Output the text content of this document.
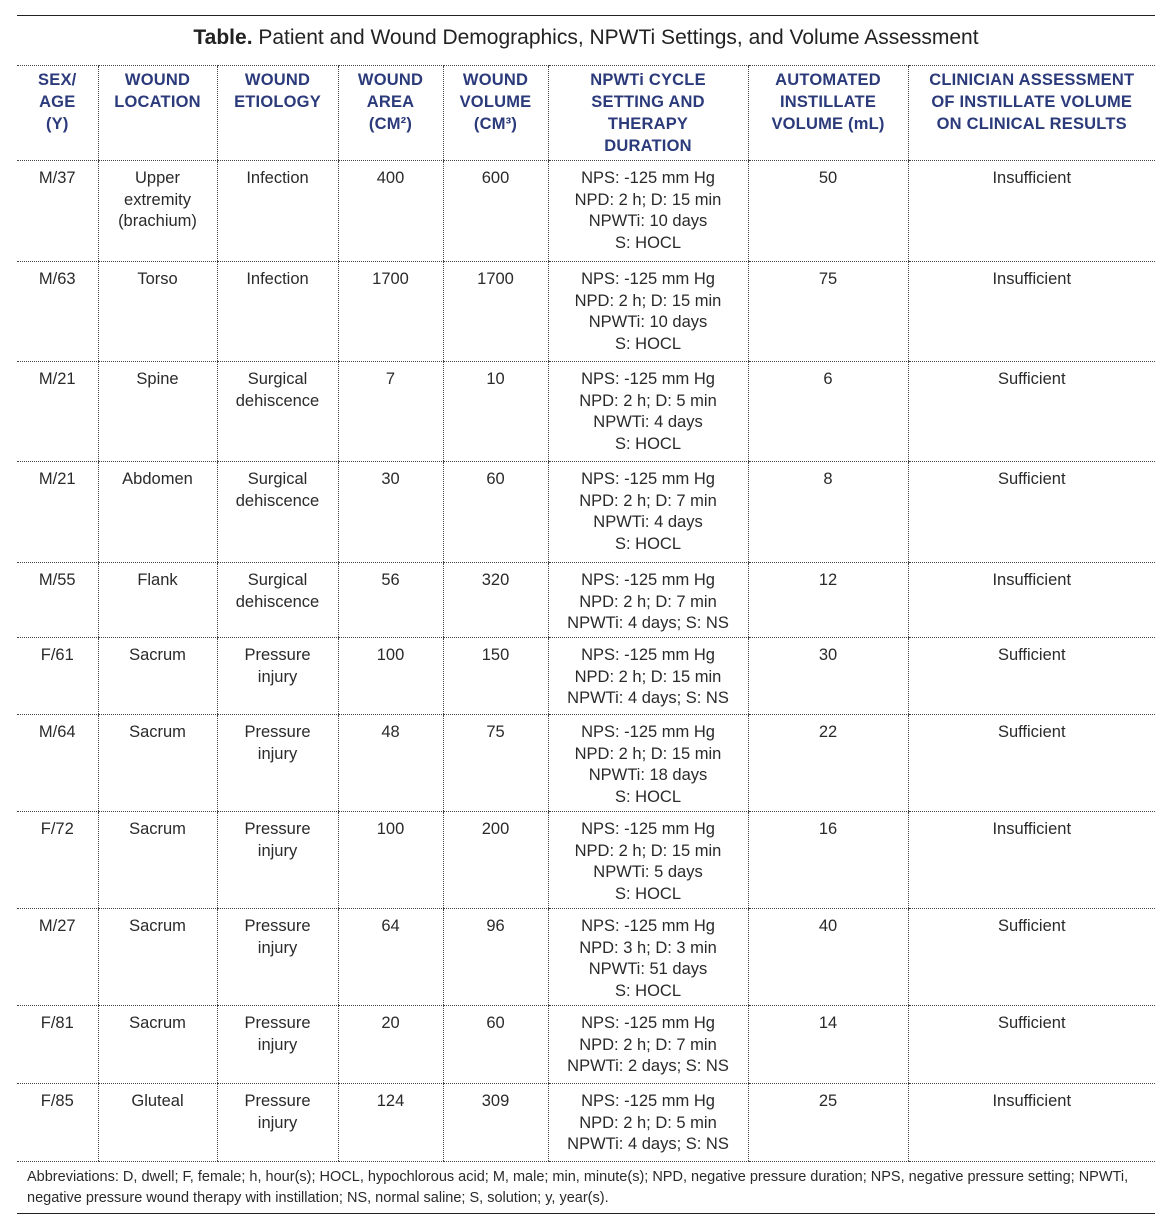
Table. Patient and Wound Demographics, NPWTi Settings, and Volume Assessment
SEX/
AGE
(Y)	WOUND
LOCATION	WOUND
ETIOLOGY	WOUND
AREA
(CM²)	WOUND
VOLUME
(CM³)	NPWTi CYCLE
SETTING AND
THERAPY
DURATION	AUTOMATED
INSTILLATE
VOLUME (mL)	CLINICIAN ASSESSMENT
OF INSTILLATE VOLUME
ON CLINICAL RESULTS

M/37	Upper
extremity
(brachium)	Infection	400	600	NPS: -125 mm Hg
NPD: 2 h; D: 15 min
NPWTi: 10 days
S: HOCL	50	Insufficient
M/63	Torso	Infection	1700	1700	NPS: -125 mm Hg
NPD: 2 h; D: 15 min
NPWTi: 10 days
S: HOCL	75	Insufficient
M/21	Spine	Surgical
dehiscence	7	10	NPS: -125 mm Hg
NPD: 2 h; D: 5 min
NPWTi: 4 days
S: HOCL	6	Sufficient
M/21	Abdomen	Surgical
dehiscence	30	60	NPS: -125 mm Hg
NPD: 2 h; D: 7 min
NPWTi: 4 days
S: HOCL	8	Sufficient
M/55	Flank	Surgical
dehiscence	56	320	NPS: -125 mm Hg
NPD: 2 h; D: 7 min
NPWTi: 4 days; S: NS	12	Insufficient
F/61	Sacrum	Pressure
injury	100	150	NPS: -125 mm Hg
NPD: 2 h; D: 15 min
NPWTi: 4 days; S: NS	30	Sufficient
M/64	Sacrum	Pressure
injury	48	75	NPS: -125 mm Hg
NPD: 2 h; D: 15 min
NPWTi: 18 days
S: HOCL	22	Sufficient
F/72	Sacrum	Pressure
injury	100	200	NPS: -125 mm Hg
NPD: 2 h; D: 15 min
NPWTi: 5 days
S: HOCL	16	Insufficient
M/27	Sacrum	Pressure
injury	64	96	NPS: -125 mm Hg
NPD: 3 h; D: 3 min
NPWTi: 51 days
S: HOCL	40	Sufficient
F/81	Sacrum	Pressure
injury	20	60	NPS: -125 mm Hg
NPD: 2 h; D: 7 min
NPWTi: 2 days; S: NS	14	Sufficient
F/85	Gluteal	Pressure
injury	124	309	NPS: -125 mm Hg
NPD: 2 h; D: 5 min
NPWTi: 4 days; S: NS	25	Insufficient
Abbreviations: D, dwell; F, female; h, hour(s); HOCL, hypochlorous acid; M, male; min, minute(s); NPD, negative pressure duration; NPS, negative pressure setting; NPWTi, negative pressure wound therapy with instillation; NS, normal saline; S, solution; y, year(s).
